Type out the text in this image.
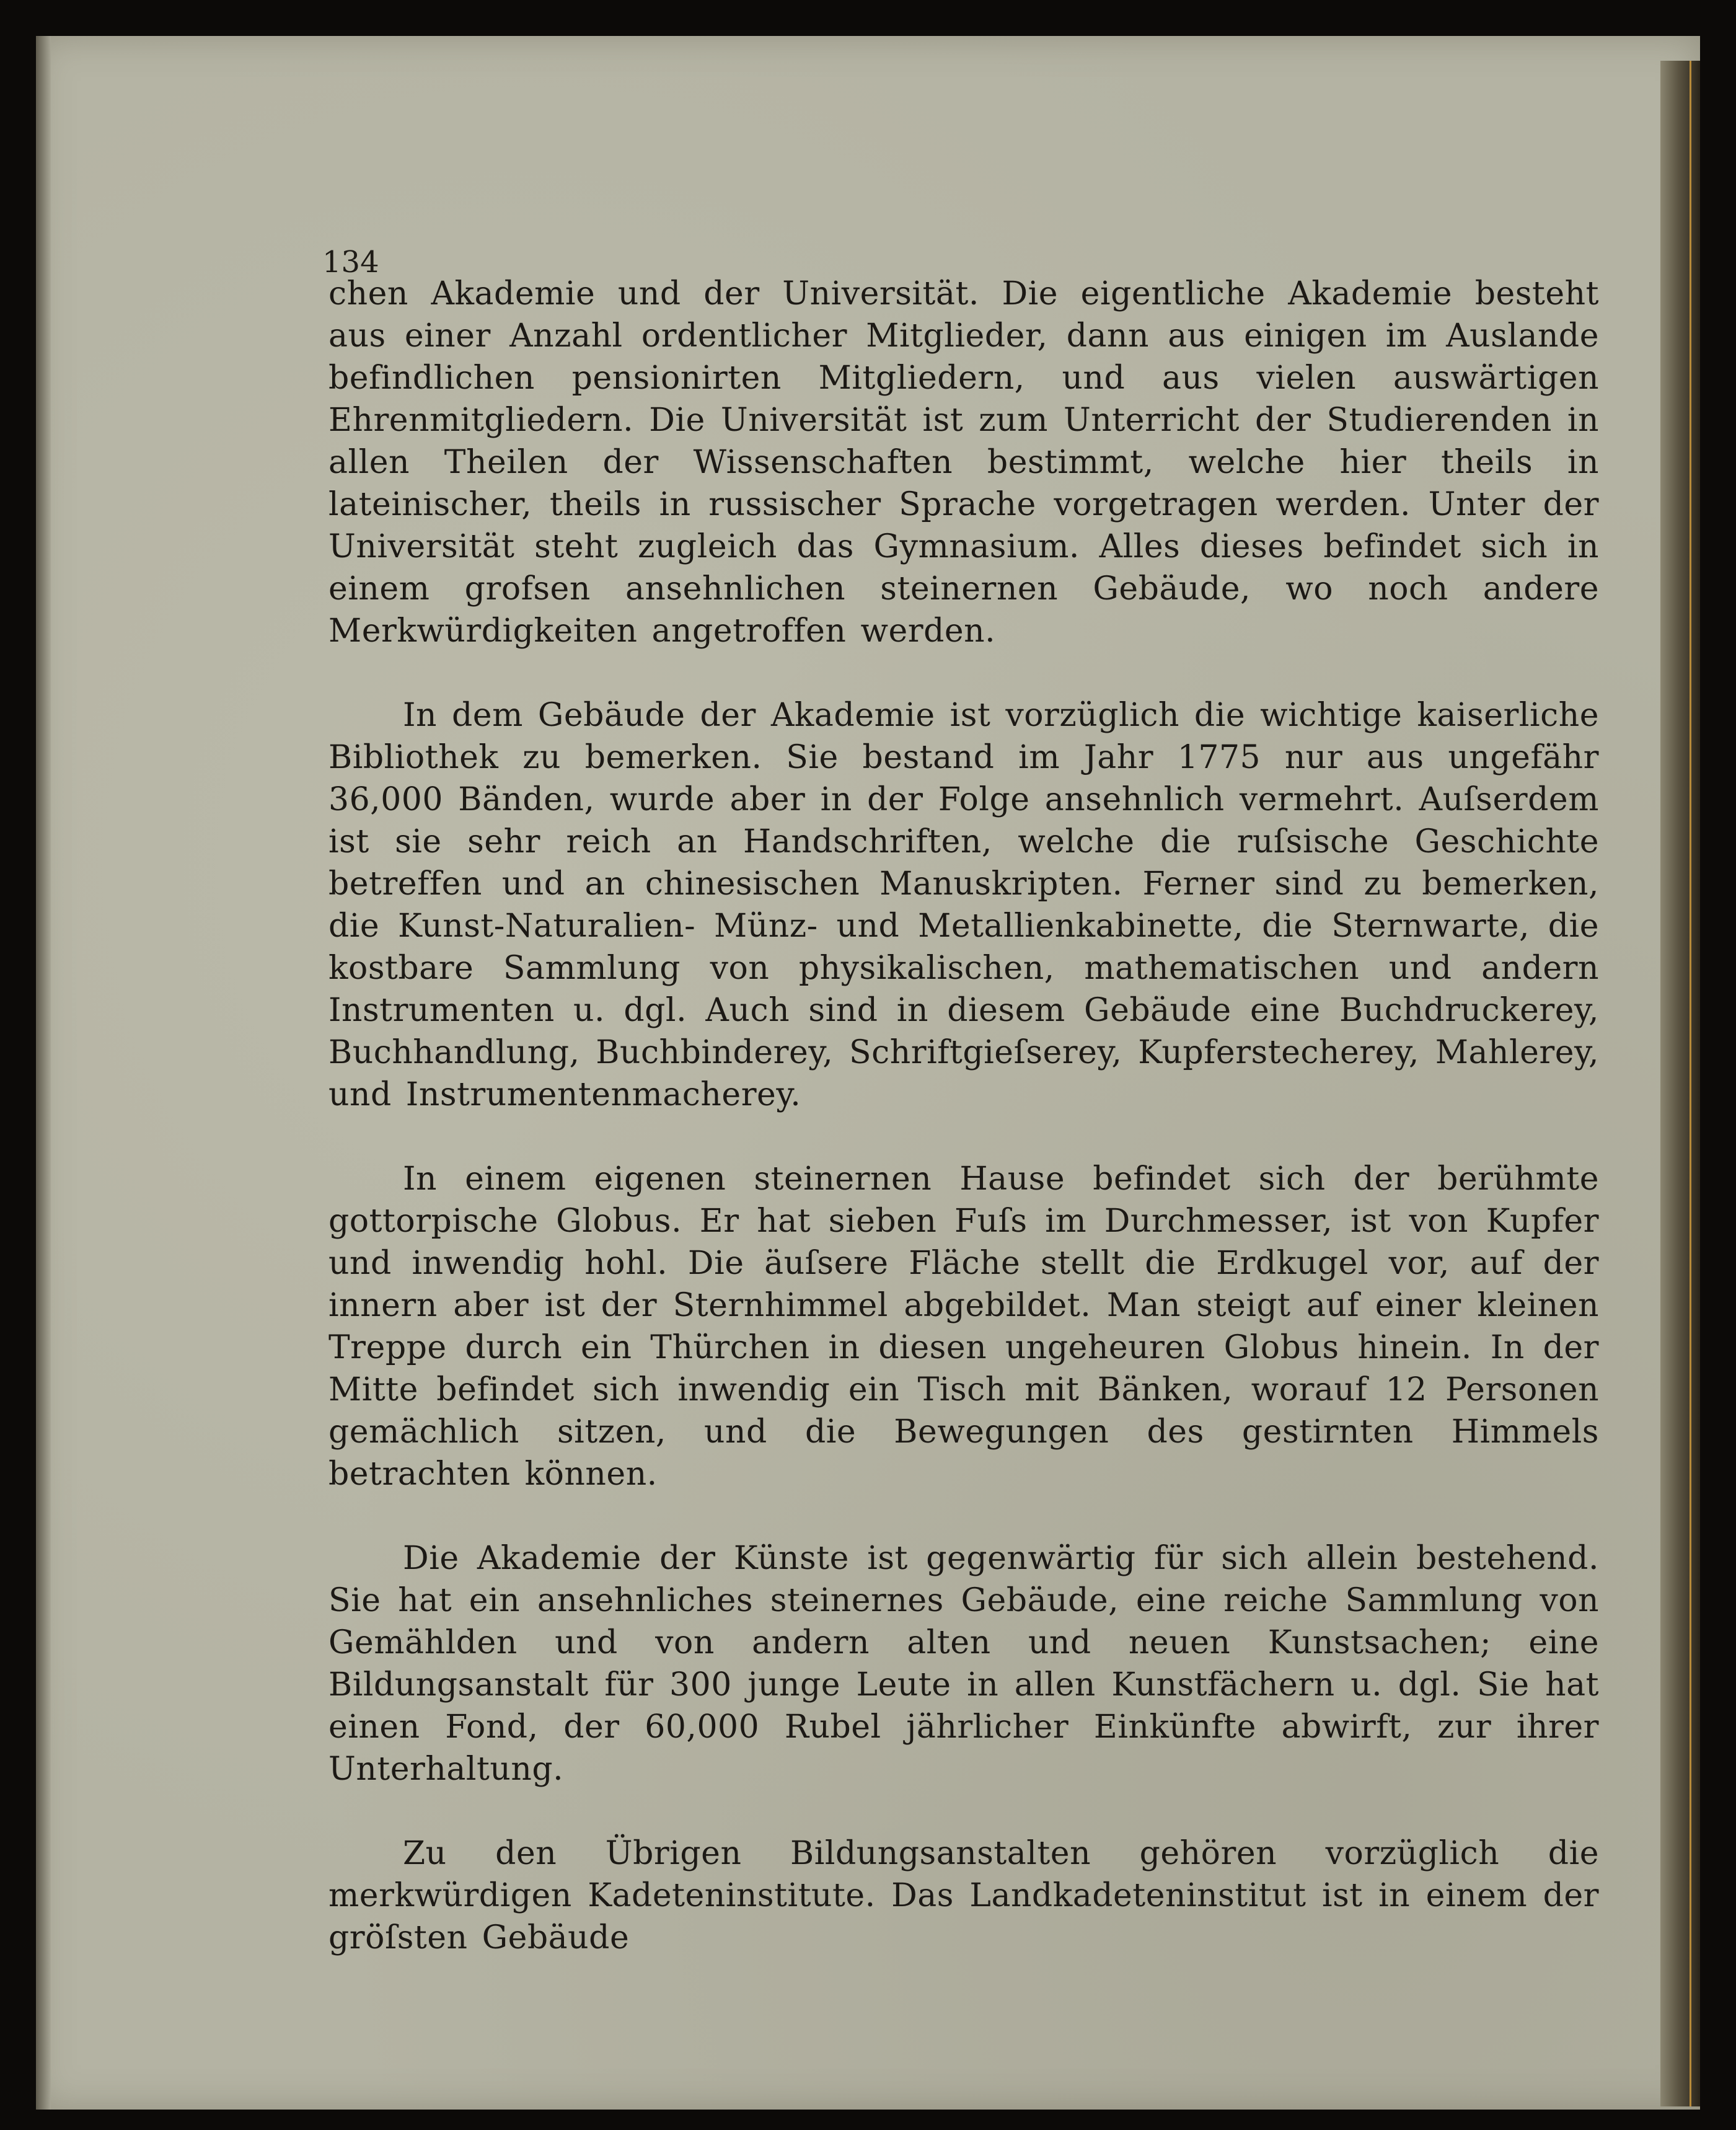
134

chen Akademie und der Universität. Die eigentliche Akademie besteht aus einer Anzahl ordentlicher Mitglieder, dann aus einigen im Auslande befindlichen pensionirten Mitgliedern, und aus vielen auswärtigen Ehrenmitgliedern. Die Universität ist zum Unterricht der Studierenden in allen Theilen der Wissenschaften bestimmt, welche hier theils in lateinischer, theils in russischer Sprache vorgetragen werden. Unter der Universität steht zugleich das Gymnasium. Alles dieses befindet sich in einem grofsen ansehnlichen steinernen Gebäude, wo noch andere Merkwürdigkeiten angetroffen werden.

In dem Gebäude der Akademie ist vorzüglich die wichtige kaiserliche Bibliothek zu bemerken. Sie bestand im Jahr 1775 nur aus ungefähr 36,000 Bänden, wurde aber in der Folge ansehnlich vermehrt. Auſserdem ist sie sehr reich an Handschriften, welche die ruſsische Geschichte betreffen und an chinesischen Manuskripten. Ferner sind zu bemerken, die Kunst-Naturalien- Münz- und Metallienkabinette, die Sternwarte, die kostbare Sammlung von physikalischen, mathematischen und andern Instrumenten u. dgl. Auch sind in diesem Gebäude eine Buchdruckerey, Buchhandlung, Buchbinderey, Schriftgieſserey, Kupferstecherey, Mahlerey, und Instrumentenmacherey.

In einem eigenen steinernen Hause befindet sich der berühmte gottorpische Globus. Er hat sieben Fuſs im Durchmesser, ist von Kupfer und inwendig hohl. Die äuſsere Fläche stellt die Erdkugel vor, auf der innern aber ist der Sternhimmel abgebildet. Man steigt auf einer kleinen Treppe durch ein Thürchen in diesen ungeheuren Globus hinein. In der Mitte befindet sich inwendig ein Tisch mit Bänken, worauf 12 Personen gemächlich sitzen, und die Bewegungen des gestirnten Himmels betrachten können.

Die Akademie der Künste ist gegenwärtig für sich allein bestehend. Sie hat ein ansehnliches steinernes Gebäude, eine reiche Sammlung von Gemählden und von andern alten und neuen Kunstsachen; eine Bildungsanstalt für 300 junge Leute in allen Kunstfächern u. dgl. Sie hat einen Fond, der 60,000 Rubel jährlicher Einkünfte abwirft, zur ihrer Unterhaltung.

Zu den Übrigen Bildungsanstalten gehören vorzüglich die merkwürdigen Kadeteninstitute. Das Landkadeteninstitut ist in einem der gröſsten Gebäude
